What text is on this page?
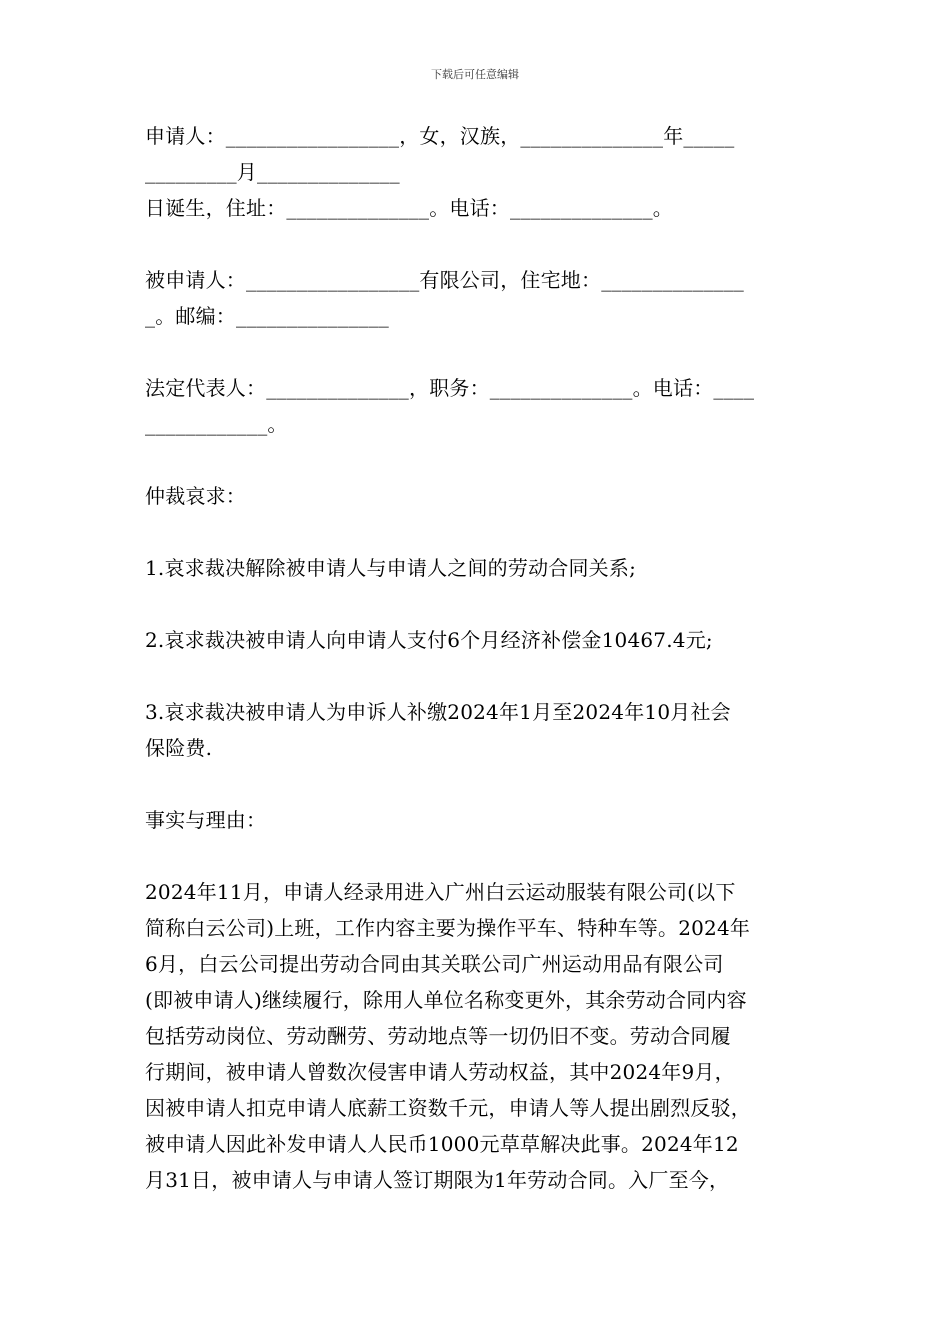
下载后可任意编辑

申请人：_________________，女，汉族，______________年_____
_________月______________
日诞生，住址：______________。电话：______________。

被申请人：_________________有限公司，住宅地：______________
_。邮编：_______________

法定代表人：______________，职务：______________。电话：____
____________。

仲裁哀求：

1.哀求裁决解除被申请人与申请人之间的劳动合同关系;

2.哀求裁决被申请人向申请人支付6个月经济补偿金10467.4元;

3.哀求裁决被申请人为申诉人补缴2024年1月至2024年10月社会
保险费.

事实与理由：

2024年11月，申请人经录用进入广州白云运动服装有限公司(以下
简称白云公司)上班，工作内容主要为操作平车、特种车等。2024年
6月，白云公司提出劳动合同由其关联公司广州运动用品有限公司
(即被申请人)继续履行，除用人单位名称变更外，其余劳动合同内容
包括劳动岗位、劳动酬劳、劳动地点等一切仍旧不变。劳动合同履
行期间，被申请人曾数次侵害申请人劳动权益，其中2024年9月，
因被申请人扣克申请人底薪工资数千元，申请人等人提出剧烈反驳，
被申请人因此补发申请人人民币1000元草草解决此事。2024年12
月31日，被申请人与申请人签订期限为1年劳动合同。入厂至今，
